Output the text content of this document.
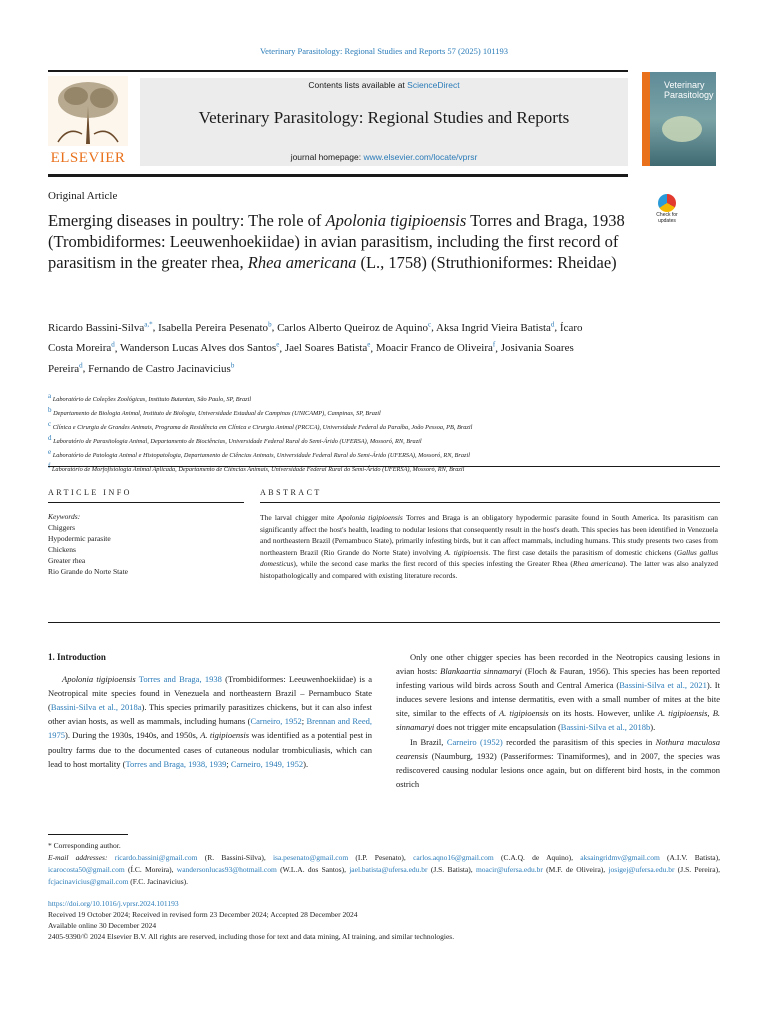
Veterinary Parasitology: Regional Studies and Reports 57 (2025) 101193
ELSEVIER
Contents lists available at ScienceDirect
Veterinary Parasitology: Regional Studies and Reports
journal homepage: www.elsevier.com/locate/vprsr
Veterinary Parasitology
Original Article
Emerging diseases in poultry: The role of Apolonia tigipioensis Torres and Braga, 1938 (Trombidiformes: Leeuwenhoekiidae) in avian parasitism, including the first record of parasitism in the greater rhea, Rhea americana (L., 1758) (Struthioniformes: Rheidae)
Check for updates
Ricardo Bassini-Silva$^{a,*}$, Isabella Pereira Pesenato$^b$, Carlos Alberto Queiroz de Aquino$^c$, Aksa Ingrid Vieira Batista$^d$, Ícaro Costa Moreira$^d$, Wanderson Lucas Alves dos Santos$^e$, Jael Soares Batista$^e$, Moacir Franco de Oliveira$^f$, Josivania Soares Pereira$^d$, Fernando de Castro Jacinavicius$^b$
$^a$ Laboratório de Coleções Zoológicas, Instituto Butantan, São Paulo, SP, Brazil
$^b$ Departamento de Biologia Animal, Instituto de Biologia, Universidade Estadual de Campinas (UNICAMP), Campinas, SP, Brazil
$^c$ Clínica e Cirurgia de Grandes Animais, Programa de Residência em Clínica e Cirurgia Animal (PRCCA), Universidade Federal da Paraíba, João Pessoa, PB, Brazil
$^d$ Laboratório de Parasitologia Animal, Departamento de Biociências, Universidade Federal Rural do Semi-Árido (UFERSA), Mossoró, RN, Brazil
$^e$ Laboratório de Patologia Animal e Histopatologia, Departamento de Ciências Animais, Universidade Federal Rural do Semi-Árido (UFERSA), Mossoró, RN, Brazil
Laboratório de Morfofisiologia Animal Aplicada, Departamento de Ciências Animais, Universidade Federal Rural do Semi-Árido (UFERSA), Mossoró, RN, Brazil
ARTICLE INFO	ABSTRACT
Keywords:
Chiggers
Hypodermic parasite
Chickens
Greater rhea
Rio Grande do Norte State
The larval chigger mite Apolonia tigipioensis Torres and Braga is an obligatory hypodermic parasite found in South America. Its parasitism can significantly affect the host's health, leading to nodular lesions that consequently result in the host's death. This species has been identified in Venezuela and northeastern Brazil (Pernambuco State), primarily infesting birds, but it can affect mammals, including humans. This study presents two cases from northeastern Brazil (Rio Grande do Norte State) involving A. tigipioensis. The first case details the parasitism of domestic chickens (Gallus gallus domesticus), while the second case marks the first record of this species infesting the Greater Rhea (Rhea americana). The latter was also analyzed histopathologically and compared with existing literature records.
1. Introduction

Apolonia tigipioensis Torres and Braga, 1938 (Trombidiformes: Leeuwenhoekiidae) is a Neotropical mite species found in Venezuela and northeastern Brazil – Pernambuco State (Bassini-Silva et al., 2018a). This species primarily parasitizes chickens, but it can also infest other avian hosts, as well as mammals, including humans (Carneiro, 1952; Brennan and Reed, 1975). During the 1930s, 1940s, and 1950s, A. tigipioensis was identified as a potential pest in poultry farms due to the documented cases of cutaneous nodular trombiculiasis, which can lead to host mortality (Torres and Braga, 1938, 1939; Carneiro, 1949, 1952).

Only one other chigger species has been recorded in the Neotropics causing lesions in avian hosts: Blankaartia sinnamaryi (Floch & Fauran, 1956). This species has been reported infesting various wild birds across South and Central America (Bassini-Silva et al., 2021). It induces severe lesions and intense dermatitis, even with a small number of mites at the bite site, similar to the effects of A. tigipioensis on its hosts. However, unlike A. tigipioensis, B. sinnamaryi does not trigger mite encapsulation (Bassini-Silva et al., 2018b).

In Brazil, Carneiro (1952) recorded the parasitism of this species in Nothura maculosa cearensis (Naumburg, 1932) (Passeriformes: Tinamiformes), and in 2007, the species was rediscovered causing nodular lesions once again, but on different bird hosts, in the common ostrich

* Corresponding author.
E-mail addresses: ricardo.bassini@gmail.com (R. Bassini-Silva), isa.pesenato@gmail.com (I.P. Pesenato), carlos.aqno16@gmail.com (C.A.Q. de Aquino), aksaingridmv@gmail.com (A.I.V. Batista), icarocosta50@gmail.com (Í.C. Moreira), wandersonlucas93@hotmail.com (W.L.A. dos Santos), jael.batista@ufersa.edu.br (J.S. Batista), moacir@ufersa.edu.br (M.F. de Oliveira), josigej@ufersa.edu.br (J.S. Pereira), fcjacinavicius@gmail.com (F.C. Jacinavicius).
https://doi.org/10.1016/j.vprsr.2024.101193
Received 19 October 2024; Received in revised form 23 December 2024; Accepted 28 December 2024
Available online 30 December 2024
2405-9390/© 2024 Elsevier B.V. All rights are reserved, including those for text and data mining, AI training, and similar technologies.
